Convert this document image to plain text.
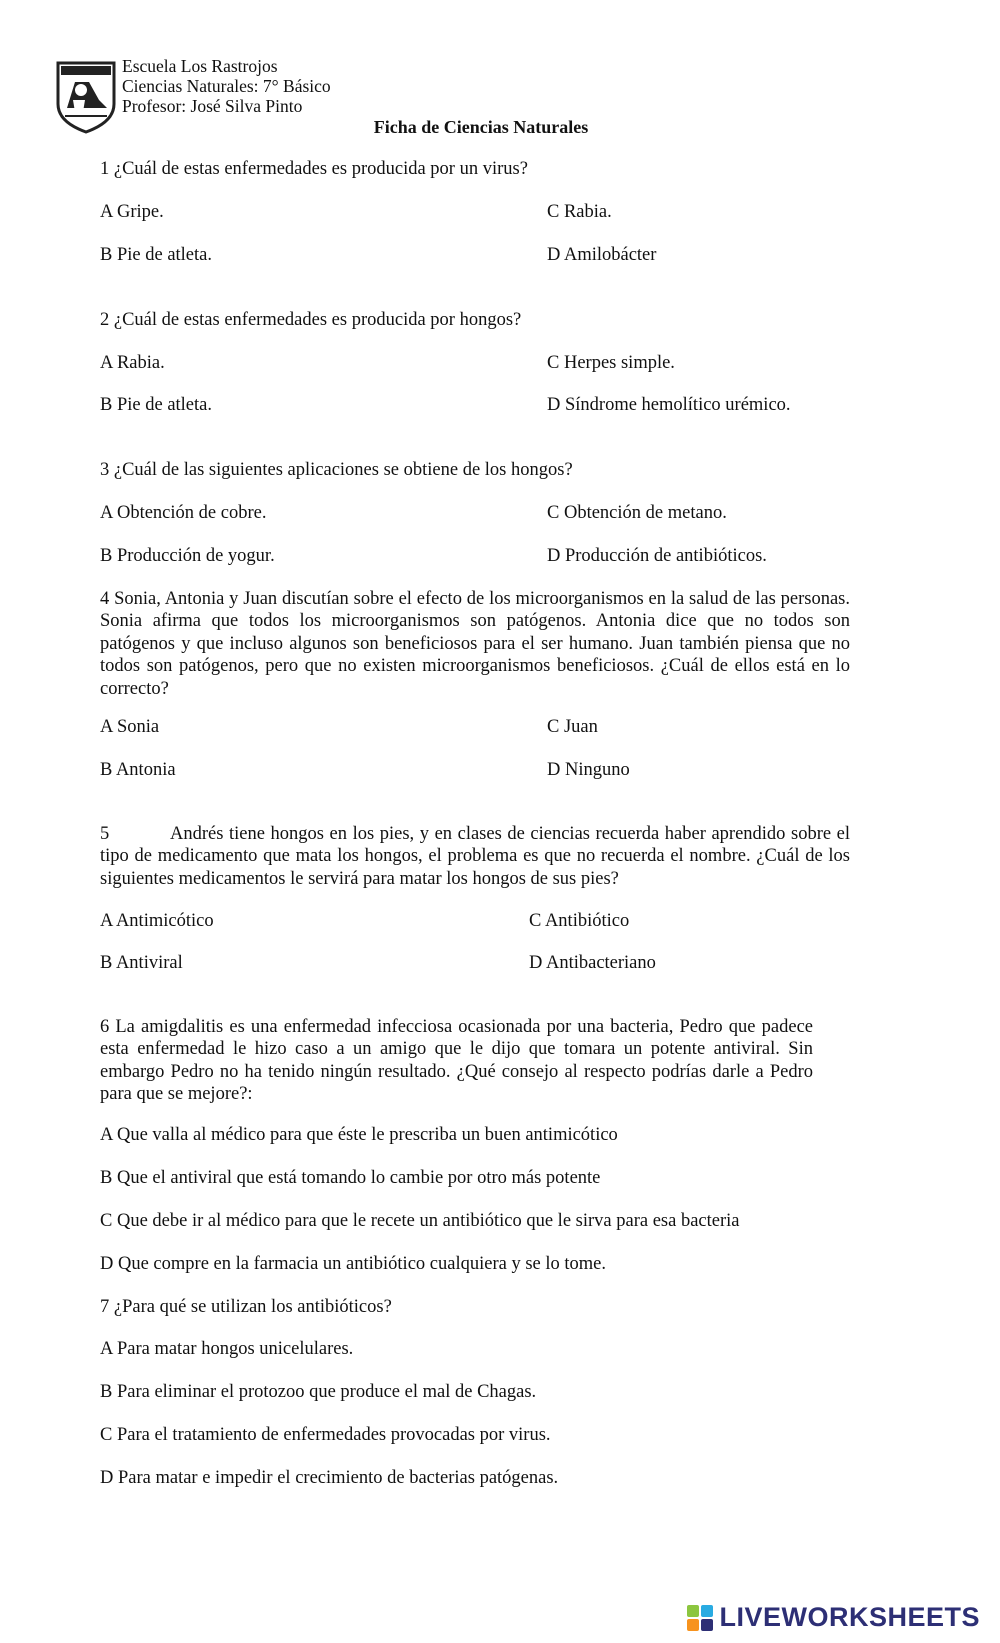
Escuela Los Rastrojos
Ciencias Naturales: 7° Básico
Profesor: José Silva Pinto
Ficha de Ciencias Naturales
1 ¿Cuál de estas enfermedades es producida por un virus?
A Gripe.	C Rabia.
B Pie de atleta.	D Amilobácter
2 ¿Cuál de estas enfermedades es producida por hongos?
A Rabia.	C Herpes simple.
B Pie de atleta.	D Síndrome hemolítico urémico.
3 ¿Cuál de las siguientes aplicaciones se obtiene de los hongos?
A Obtención de cobre.	C Obtención de metano.
B Producción de yogur.	D Producción de antibióticos.
4 Sonia, Antonia y Juan discutían sobre el efecto de los microorganismos en la salud de las personas. Sonia afirma que todos los microorganismos son patógenos. Antonia dice que no todos son patógenos y que incluso algunos son beneficiosos para el ser humano. Juan también piensa que no todos son patógenos, pero que no existen microorganismos beneficiosos. ¿Cuál de ellos está en lo correcto?
A Sonia	C Juan
B Antonia	D Ninguno
5	Andrés tiene hongos en los pies, y en clases de ciencias recuerda haber aprendido sobre el tipo de medicamento que mata los hongos, el problema es que no recuerda el nombre. ¿Cuál de los siguientes medicamentos le servirá para matar los hongos de sus pies?
A Antimicótico	C Antibiótico
B Antiviral	D Antibacteriano
6 La amigdalitis es una enfermedad infecciosa ocasionada por una bacteria, Pedro que padece esta enfermedad le hizo caso a un amigo que le dijo que tomara un potente antiviral. Sin embargo Pedro no ha tenido ningún resultado. ¿Qué consejo al respecto podrías darle a Pedro para que se mejore?:
A Que valla al médico para que éste le prescriba un buen antimicótico
B Que el antiviral que está tomando lo cambie por otro más potente
C Que debe ir al médico para que le recete un antibiótico que le sirva para esa bacteria
D Que compre en la farmacia un antibiótico cualquiera y se lo tome.
7 ¿Para qué se utilizan los antibióticos?
A Para matar hongos unicelulares.
B Para eliminar el protozoo que produce el mal de Chagas.
C Para el tratamiento de enfermedades provocadas por virus.
D Para matar e impedir el crecimiento de bacterias patógenas.
LIVEWORKSHEETS
